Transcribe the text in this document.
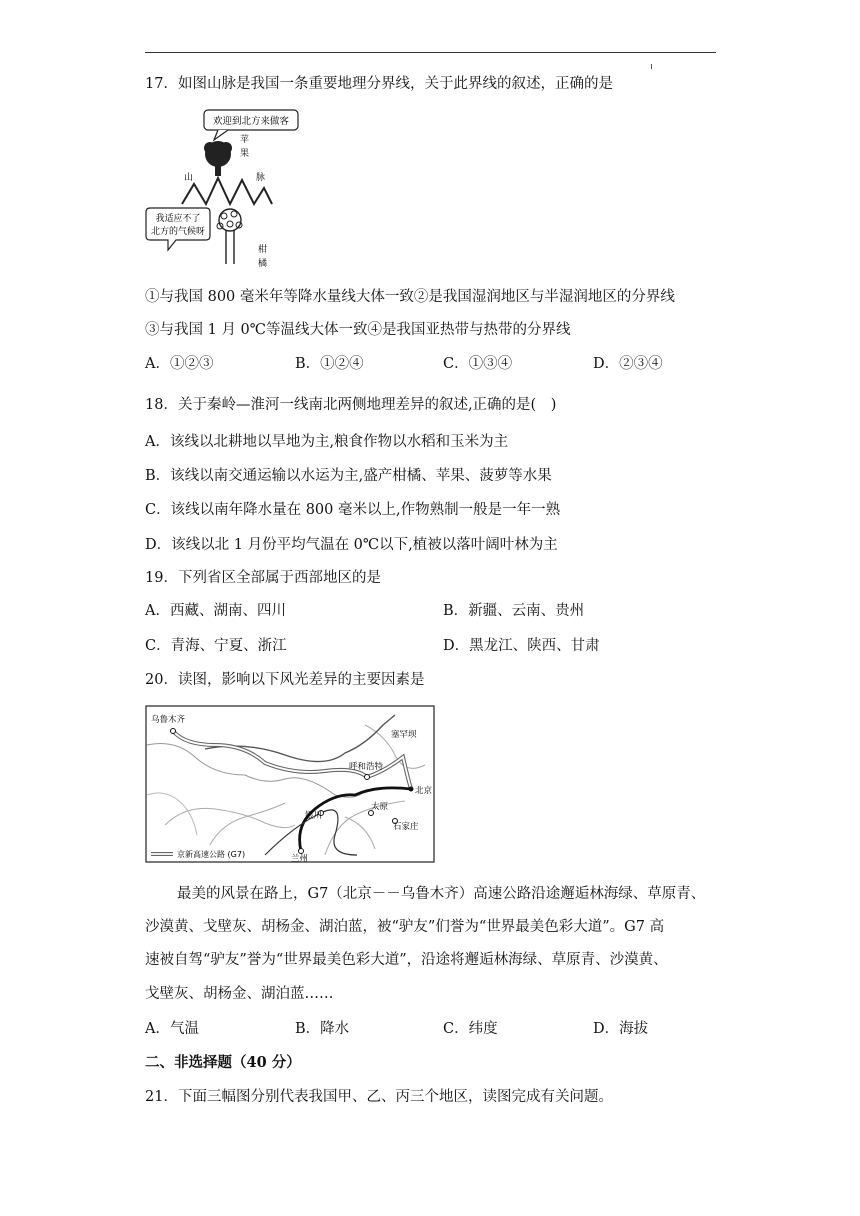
17．如图山脉是我国一条重要地理分界线，关于此界线的叙述，正确的是
欢迎到北方来做客
苹
果
山	脉
我适应不了
北方的气候呀
柑
橘
①与我国 800 毫米年等降水量线大体一致②是我国湿润地区与半湿润地区的分界线
③与我国 1 月 0℃等温线大体一致④是我国亚热带与热带的分界线
A．①②③	B．①②④	C．①③④	D．②③④
18．关于秦岭—淮河一线南北两侧地理差异的叙述,正确的是(　)
A．该线以北耕地以旱地为主,粮食作物以水稻和玉米为主
B．该线以南交通运输以水运为主,盛产柑橘、苹果、菠萝等水果
C．该线以南年降水量在 800 毫米以上,作物熟制一般是一年一熟
D．该线以北 1 月份平均气温在 0℃以下,植被以落叶阔叶林为主
19．下列省区全部属于西部地区的是
A．西藏、湖南、四川	B．新疆、云南、贵州
C．青海、宁夏、浙江	D．黑龙江、陕西、甘肃
20．读图，影响以下风光差异的主要因素是
乌鲁木齐
塞罕坝
呼和浩特
北京
银川
太原
石家庄
兰州
京新高速公路 (G7)
最美的风景在路上，G7（北京－－乌鲁木齐）高速公路沿途邂逅林海绿、草原青、
沙漠黄、戈壁灰、胡杨金、湖泊蓝，被“驴友”们誉为“世界最美色彩大道”。G7 高
速被自驾“驴友”誉为“世界最美色彩大道”，沿途将邂逅林海绿、草原青、沙漠黄、
戈壁灰、胡杨金、湖泊蓝……
A．气温	B．降水	C．纬度	D．海拔
二、非选择题（40 分）
21．下面三幅图分别代表我国甲、乙、丙三个地区，读图完成有关问题。
